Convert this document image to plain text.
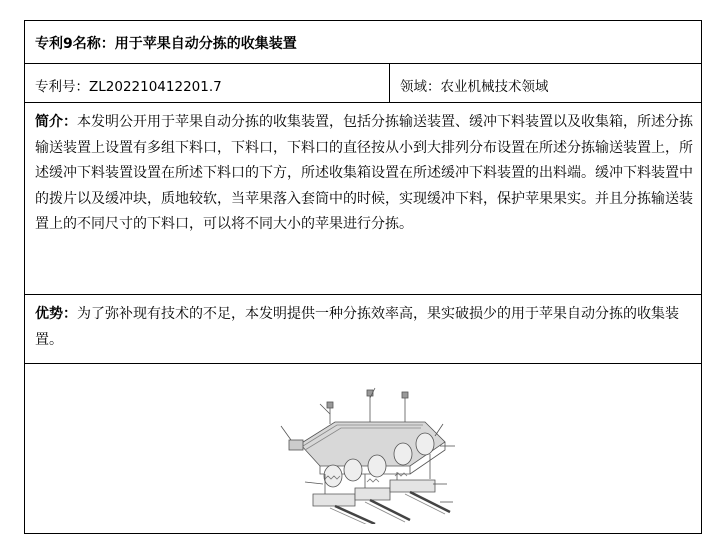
专利9名称：用于苹果自动分拣的收集装置
专利号：ZL202210412201.7	领域：农业机械技术领域
简介：本发明公开用于苹果自动分拣的收集装置，包括分拣输送装置、缓冲下料装置以及收集箱，所述分拣输送装置上设置有多组下料口，下料口，下料口的直径按从小到大排列分布设置在所述分拣输送装置上，所述缓冲下料装置设置在所述下料口的下方，所述收集箱设置在所述缓冲下料装置的出料端。缓冲下料装置中的拨片以及缓冲块，质地较软，当苹果落入套筒中的时候，实现缓冲下料，保护苹果果实。并且分拣输送装置上的不同尺寸的下料口，可以将不同大小的苹果进行分拣。
优势：为了弥补现有技术的不足，本发明提供一种分拣效率高，果实破损少的用于苹果自动分拣的收集装置。
